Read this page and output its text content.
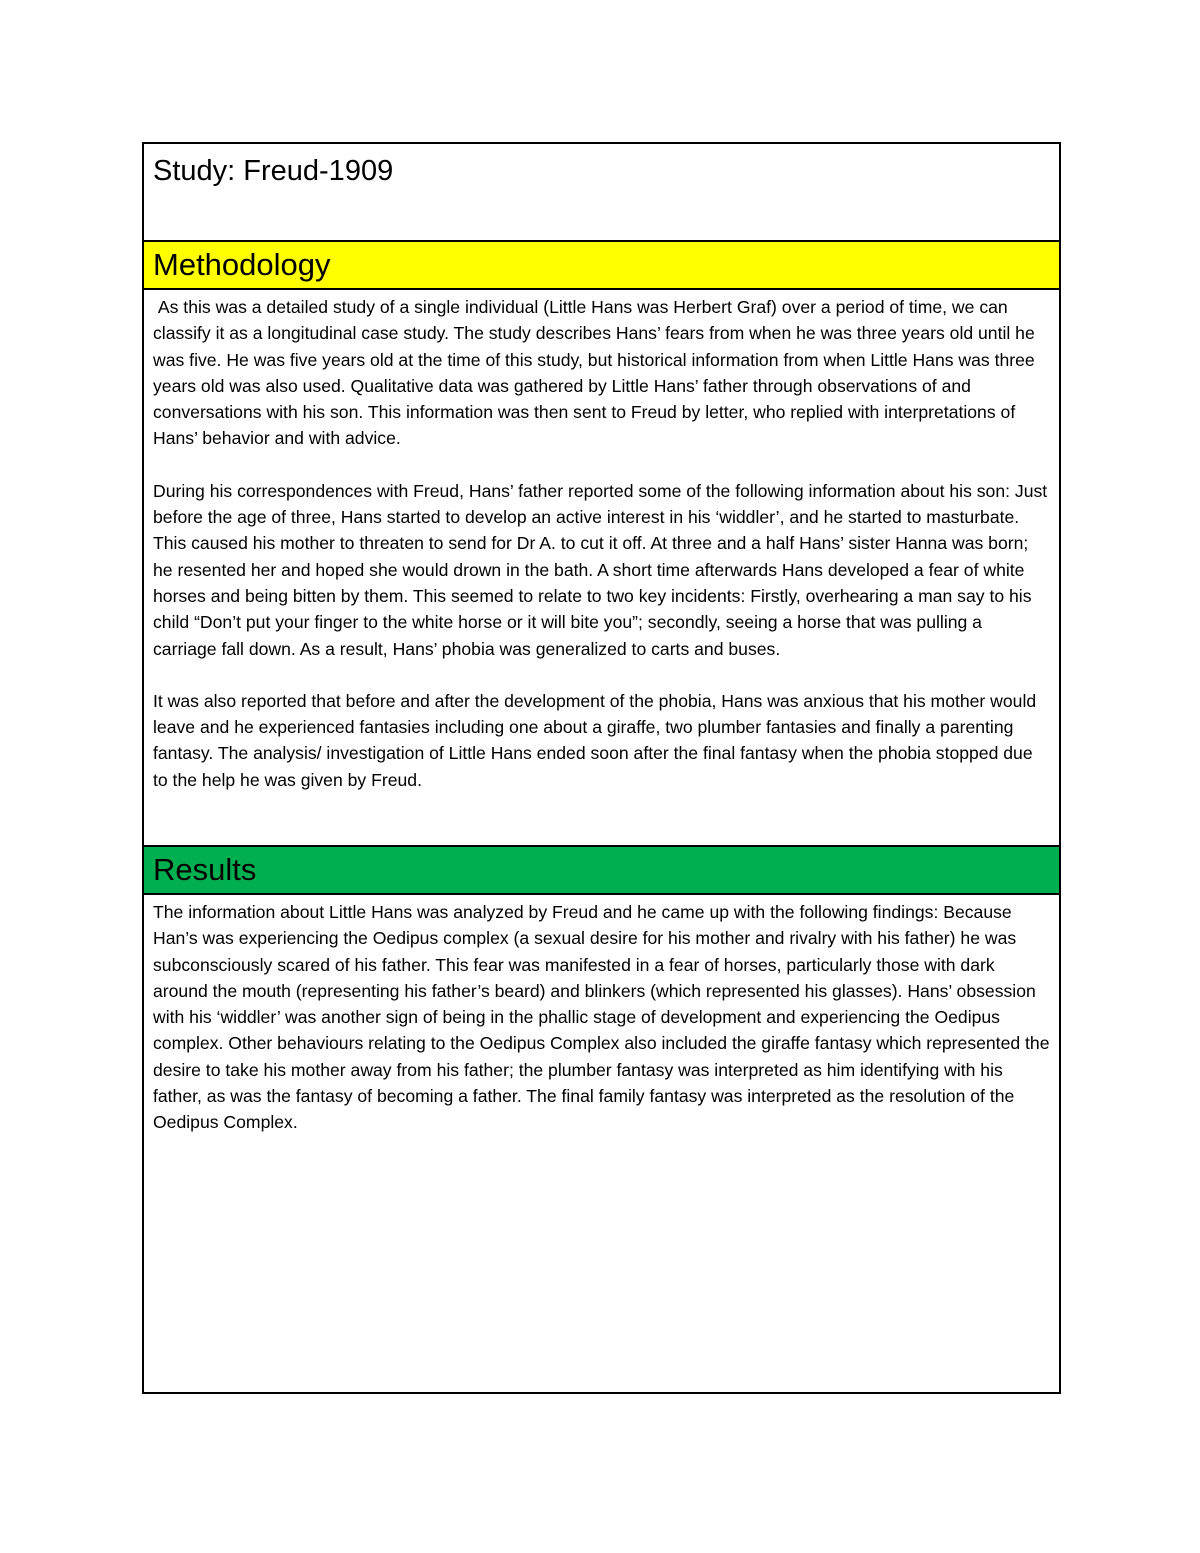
Study: Freud-1909
Methodology

As this was a detailed study of a single individual (Little Hans was Herbert Graf) over a period of time, we can classify it as a longitudinal case study. The study describes Hans’ fears from when he was three years old until he was five. He was five years old at the time of this study, but historical information from when Little Hans was three years old was also used. Qualitative data was gathered by Little Hans’ father through observations of and conversations with his son. This information was then sent to Freud by letter, who replied with interpretations of Hans’ behavior and with advice.

During his correspondences with Freud, Hans’ father reported some of the following information about his son: Just before the age of three, Hans started to develop an active interest in his ‘widdler’, and he started to masturbate. This caused his mother to threaten to send for Dr A. to cut it off. At three and a half Hans’ sister Hanna was born; he resented her and hoped she would drown in the bath. A short time afterwards Hans developed a fear of white horses and being bitten by them. This seemed to relate to two key incidents: Firstly, overhearing a man say to his child “Don’t put your finger to the white horse or it will bite you”; secondly, seeing a horse that was pulling a carriage fall down. As a result, Hans’ phobia was generalized to carts and buses.

It was also reported that before and after the development of the phobia, Hans was anxious that his mother would leave and he experienced fantasies including one about a giraffe, two plumber fantasies and finally a parenting fantasy. The analysis/ investigation of Little Hans ended soon after the final fantasy when the phobia stopped due to the help he was given by Freud.

Results

The information about Little Hans was analyzed by Freud and he came up with the following findings: Because Han’s was experiencing the Oedipus complex (a sexual desire for his mother and rivalry with his father) he was subconsciously scared of his father. This fear was manifested in a fear of horses, particularly those with dark around the mouth (representing his father’s beard) and blinkers (which represented his glasses). Hans’ obsession with his ‘widdler’ was another sign of being in the phallic stage of development and experiencing the Oedipus complex. Other behaviours relating to the Oedipus Complex also included the giraffe fantasy which represented the desire to take his mother away from his father; the plumber fantasy was interpreted as him identifying with his father, as was the fantasy of becoming a father. The final family fantasy was interpreted as the resolution of the Oedipus Complex.
